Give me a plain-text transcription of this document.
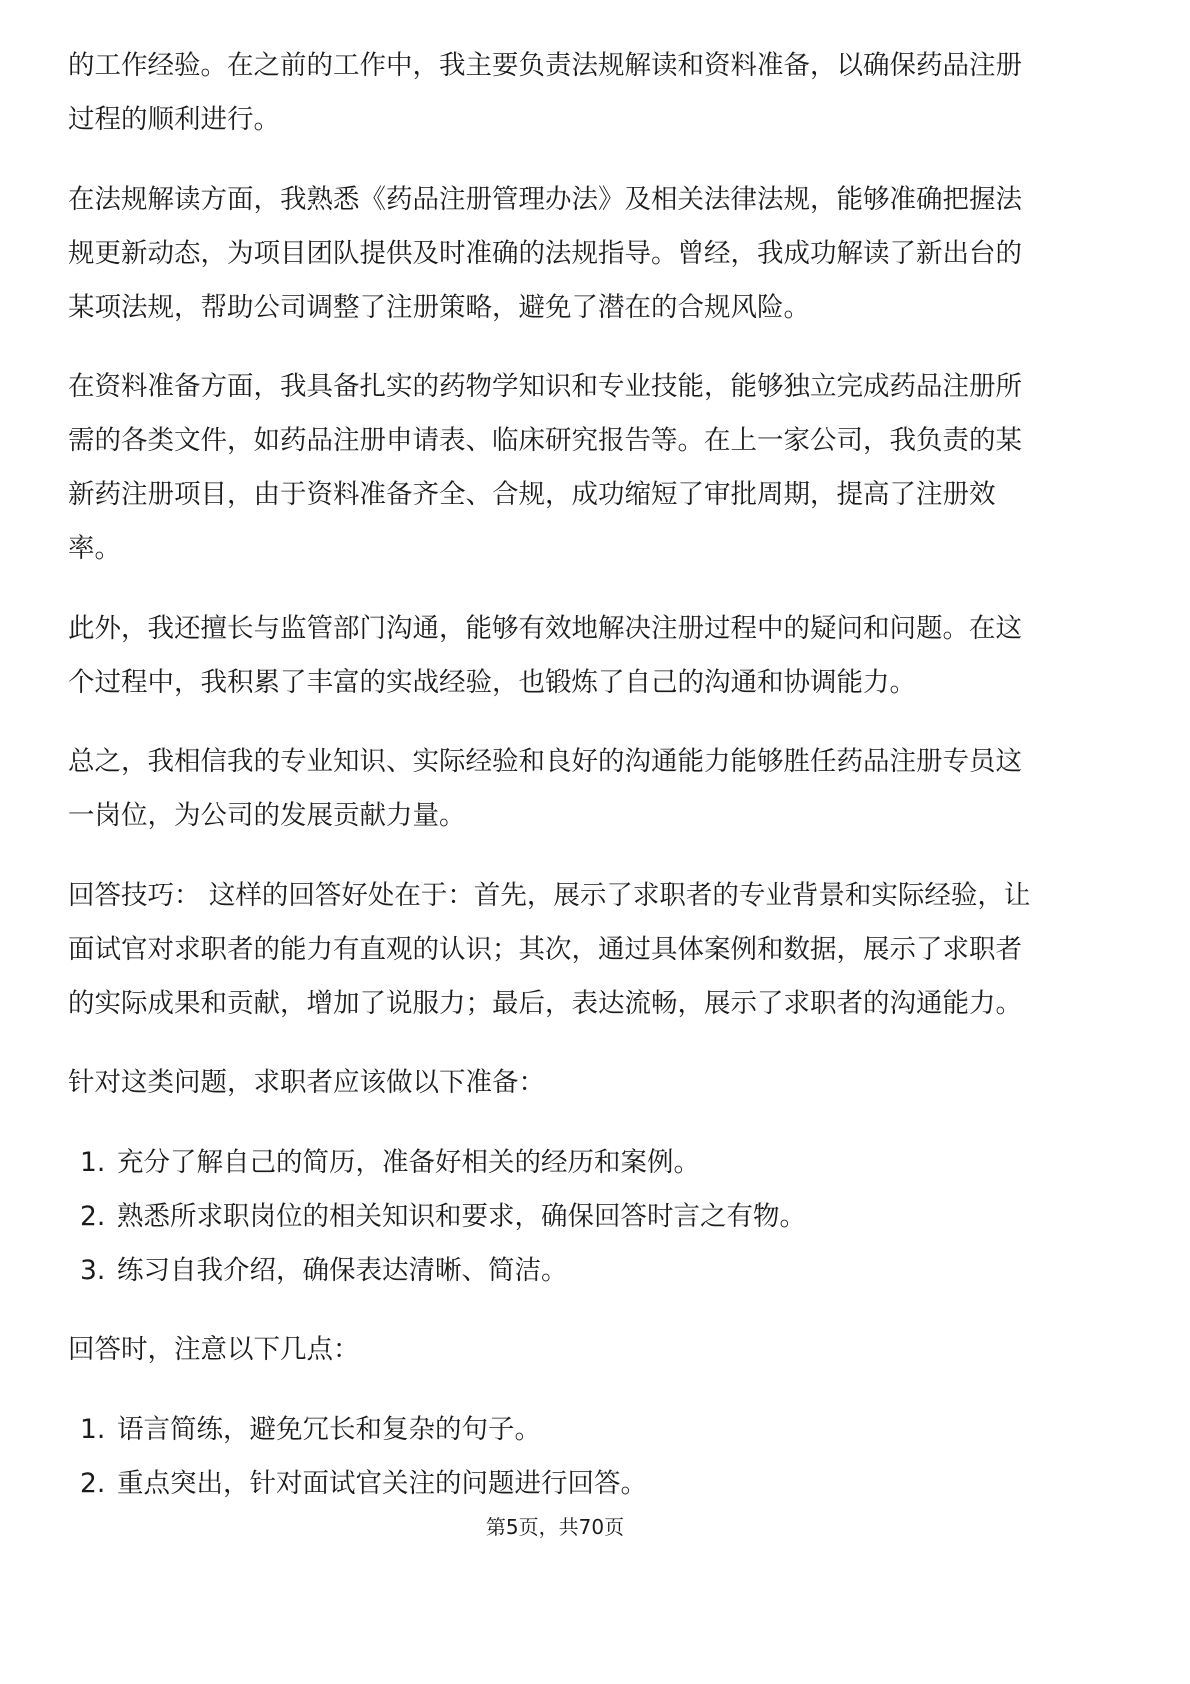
的工作经验。在之前的工作中，我主要负责法规解读和资料准备，以确保药品注册
过程的顺利进行。
在法规解读方面，我熟悉《药品注册管理办法》及相关法律法规，能够准确把握法
规更新动态，为项目团队提供及时准确的法规指导。曾经，我成功解读了新出台的
某项法规，帮助公司调整了注册策略，避免了潜在的合规风险。
在资料准备方面，我具备扎实的药物学知识和专业技能，能够独立完成药品注册所
需的各类文件，如药品注册申请表、临床研究报告等。在上一家公司，我负责的某
新药注册项目，由于资料准备齐全、合规，成功缩短了审批周期，提高了注册效
率。
此外，我还擅长与监管部门沟通，能够有效地解决注册过程中的疑问和问题。在这
个过程中，我积累了丰富的实战经验，也锻炼了自己的沟通和协调能力。
总之，我相信我的专业知识、实际经验和良好的沟通能力能够胜任药品注册专员这
一岗位，为公司的发展贡献力量。
回答技巧： 这样的回答好处在于：首先，展示了求职者的专业背景和实际经验，让
面试官对求职者的能力有直观的认识；其次，通过具体案例和数据，展示了求职者
的实际成果和贡献，增加了说服力；最后，表达流畅，展示了求职者的沟通能力。
针对这类问题，求职者应该做以下准备：
1. 充分了解自己的简历，准备好相关的经历和案例。
2. 熟悉所求职岗位的相关知识和要求，确保回答时言之有物。
3. 练习自我介绍，确保表达清晰、简洁。
回答时，注意以下几点：
1. 语言简练，避免冗长和复杂的句子。
2. 重点突出，针对面试官关注的问题进行回答。
第5页，共70页
